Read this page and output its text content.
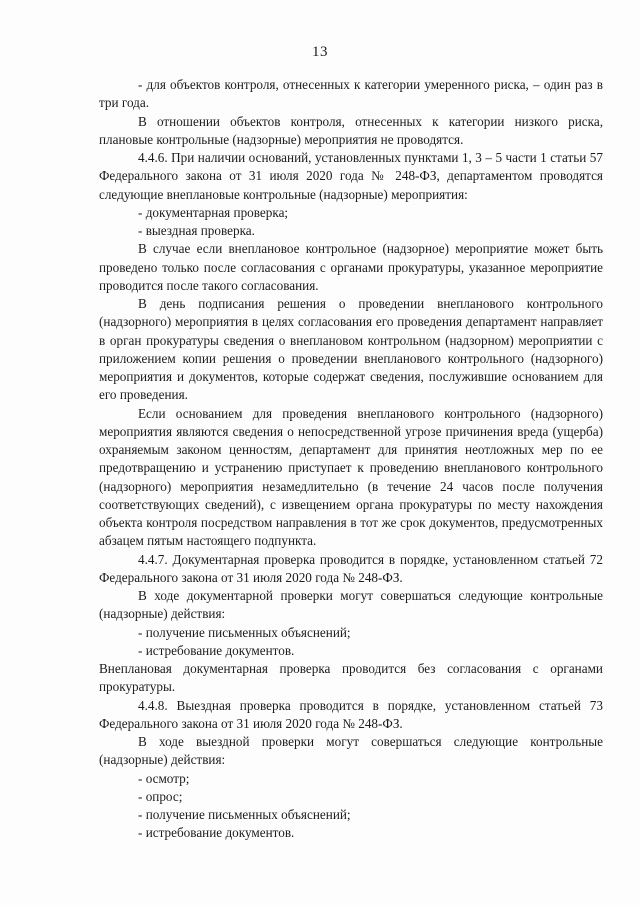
13

- для объектов контроля, отнесенных к категории умеренного риска, – один раз в три года.

В отношении объектов контроля, отнесенных к категории низкого риска, плановые контрольные (надзорные) мероприятия не проводятся.

4.4.6. При наличии оснований, установленных пунктами 1, 3 – 5 части 1 статьи 57 Федерального закона от 31 июля 2020 года № 248-ФЗ, департаментом проводятся следующие внеплановые контрольные (надзорные) мероприятия:

- документарная проверка;

- выездная проверка.

В случае если внеплановое контрольное (надзорное) мероприятие может быть проведено только после согласования с органами прокуратуры, указанное мероприятие проводится после такого согласования.

В день подписания решения о проведении внепланового контрольного (надзорного) мероприятия в целях согласования его проведения департамент направляет в орган прокуратуры сведения о внеплановом контрольном (надзорном) мероприятии с приложением копии решения о проведении внепланового контрольного (надзорного) мероприятия и документов, которые содержат сведения, послужившие основанием для его проведения.

Если основанием для проведения внепланового контрольного (надзорного) мероприятия являются сведения о непосредственной угрозе причинения вреда (ущерба) охраняемым законом ценностям, департамент для принятия неотложных мер по ее предотвращению и устранению приступает к проведению внепланового контрольного (надзорного) мероприятия незамедлительно (в течение 24 часов после получения соответствующих сведений), с извещением органа прокуратуры по месту нахождения объекта контроля посредством направления в тот же срок документов, предусмотренных абзацем пятым настоящего подпункта.

4.4.7. Документарная проверка проводится в порядке, установленном статьей 72 Федерального закона от 31 июля 2020 года № 248-ФЗ.

В ходе документарной проверки могут совершаться следующие контрольные (надзорные) действия:

- получение письменных объяснений;

- истребование документов.

Внеплановая документарная проверка проводится без согласования с органами прокуратуры.

4.4.8. Выездная проверка проводится в порядке, установленном статьей 73 Федерального закона от 31 июля 2020 года № 248-ФЗ.

В ходе выездной проверки могут совершаться следующие контрольные (надзорные) действия:

- осмотр;

- опрос;

- получение письменных объяснений;

- истребование документов.
